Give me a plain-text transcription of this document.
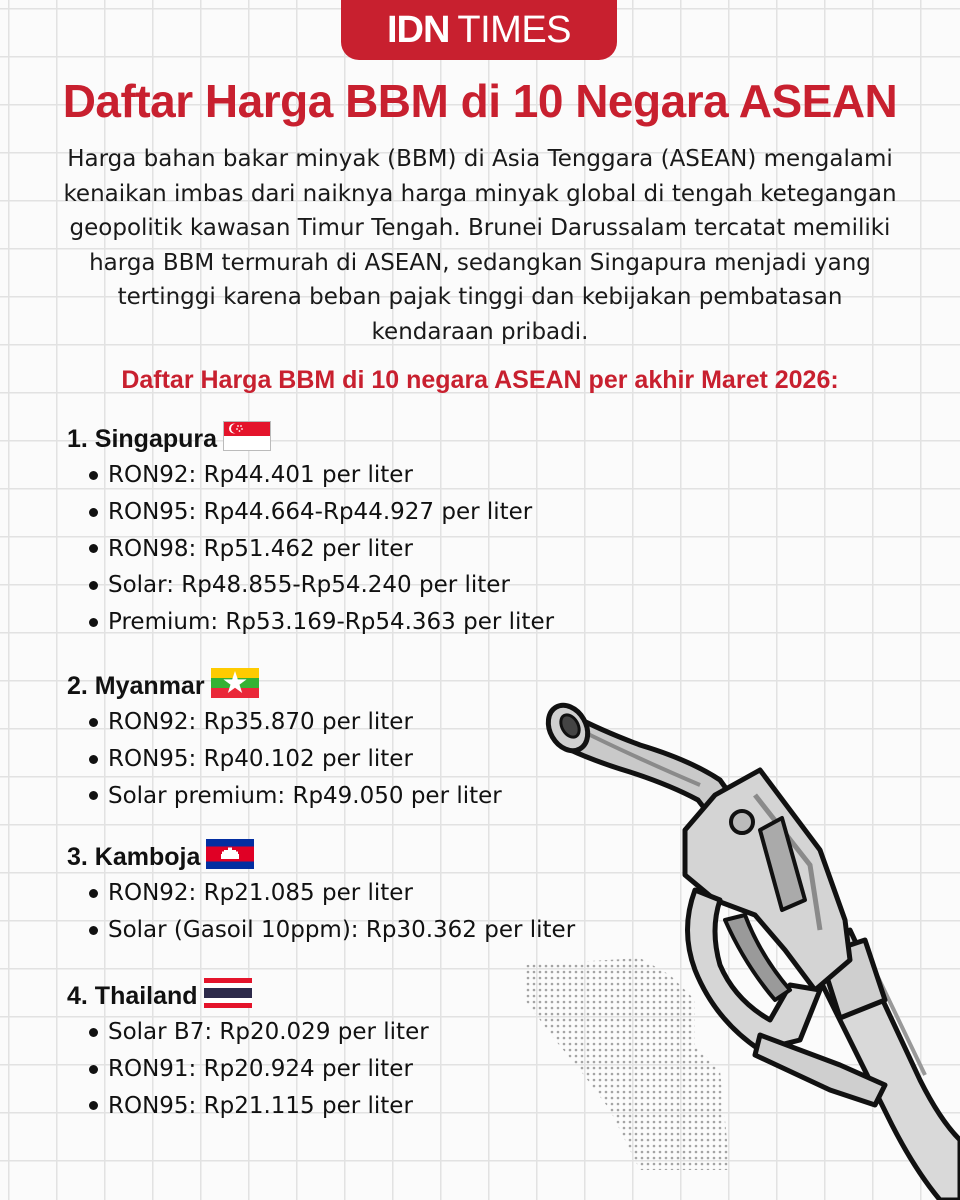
IDN TIMES
Daftar Harga BBM di 10 Negara ASEAN

Harga bahan bakar minyak (BBM) di Asia Tenggara (ASEAN) mengalami kenaikan imbas dari naiknya harga minyak global di tengah ketegangan geopolitik kawasan Timur Tengah. Brunei Darussalam tercatat memiliki harga BBM termurah di ASEAN, sedangkan Singapura menjadi yang tertinggi karena beban pajak tinggi dan kebijakan pembatasan kendaraan pribadi.

Daftar Harga BBM di 10 negara ASEAN per akhir Maret 2026:
1. Singapura
RON92: Rp44.401 per liter
RON95: Rp44.664-Rp44.927 per liter
RON98: Rp51.462 per liter
Solar: Rp48.855-Rp54.240 per liter
Premium: Rp53.169-Rp54.363 per liter
2. Myanmar
RON92: Rp35.870 per liter
RON95: Rp40.102 per liter
Solar premium: Rp49.050 per liter
3. Kamboja
RON92: Rp21.085 per liter
Solar (Gasoil 10ppm): Rp30.362 per liter
4. Thailand
Solar B7: Rp20.029 per liter
RON91: Rp20.924 per liter
RON95: Rp21.115 per liter
